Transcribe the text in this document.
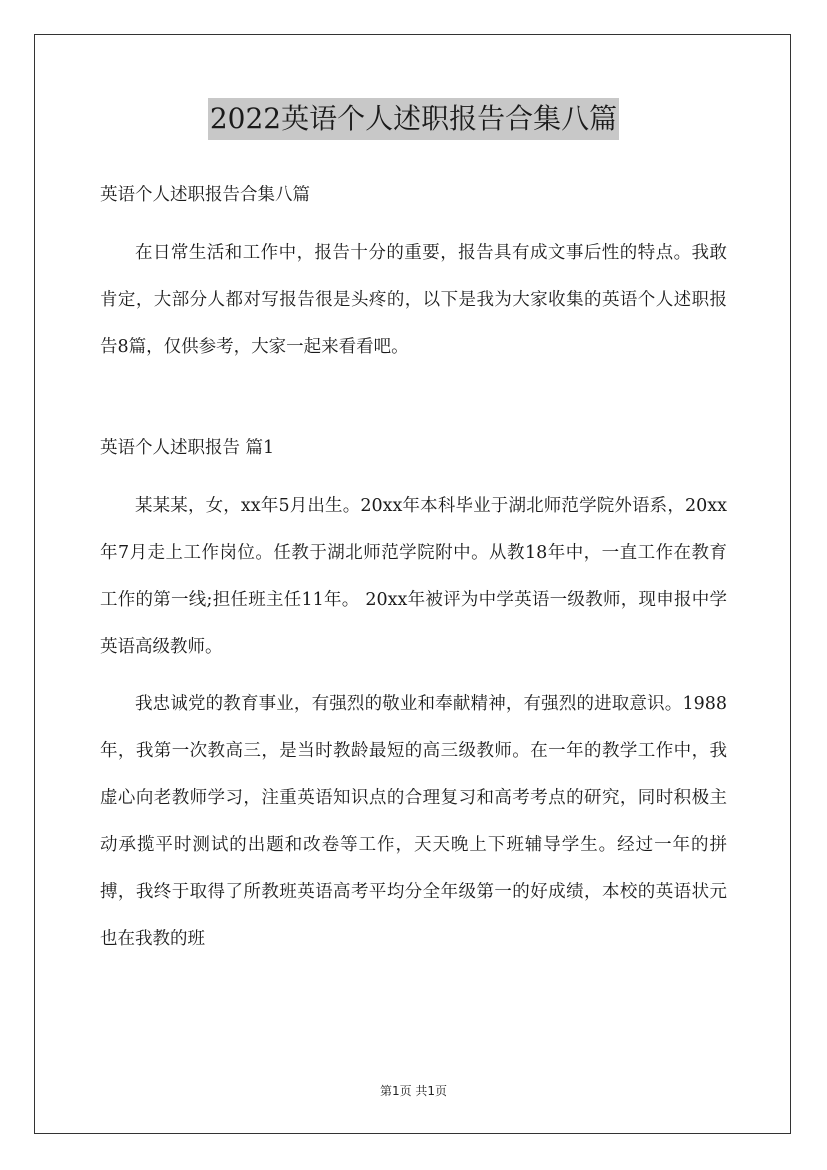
2022英语个人述职报告合集八篇

英语个人述职报告合集八篇

在日常生活和工作中，报告十分的重要，报告具有成文事后性的特点。我敢肯定，大部分人都对写报告很是头疼的，以下是我为大家收集的英语个人述职报告8篇，仅供参考，大家一起来看看吧。

英语个人述职报告 篇1

某某某，女，xx年5月出生。20xx年本科毕业于湖北师范学院外语系，20xx年7月走上工作岗位。任教于湖北师范学院附中。从教18年中，一直工作在教育工作的第一线;担任班主任11年。 20xx年被评为中学英语一级教师，现申报中学英语高级教师。

我忠诚党的教育事业，有强烈的敬业和奉献精神，有强烈的进取意识。1988年，我第一次教高三，是当时教龄最短的高三级教师。在一年的教学工作中，我虚心向老教师学习，注重英语知识点的合理复习和高考考点的研究，同时积极主动承揽平时测试的出题和改卷等工作，天天晚上下班辅导学生。经过一年的拼搏，我终于取得了所教班英语高考平均分全年级第一的好成绩，本校的英语状元也在我教的班

第1页 共1页
